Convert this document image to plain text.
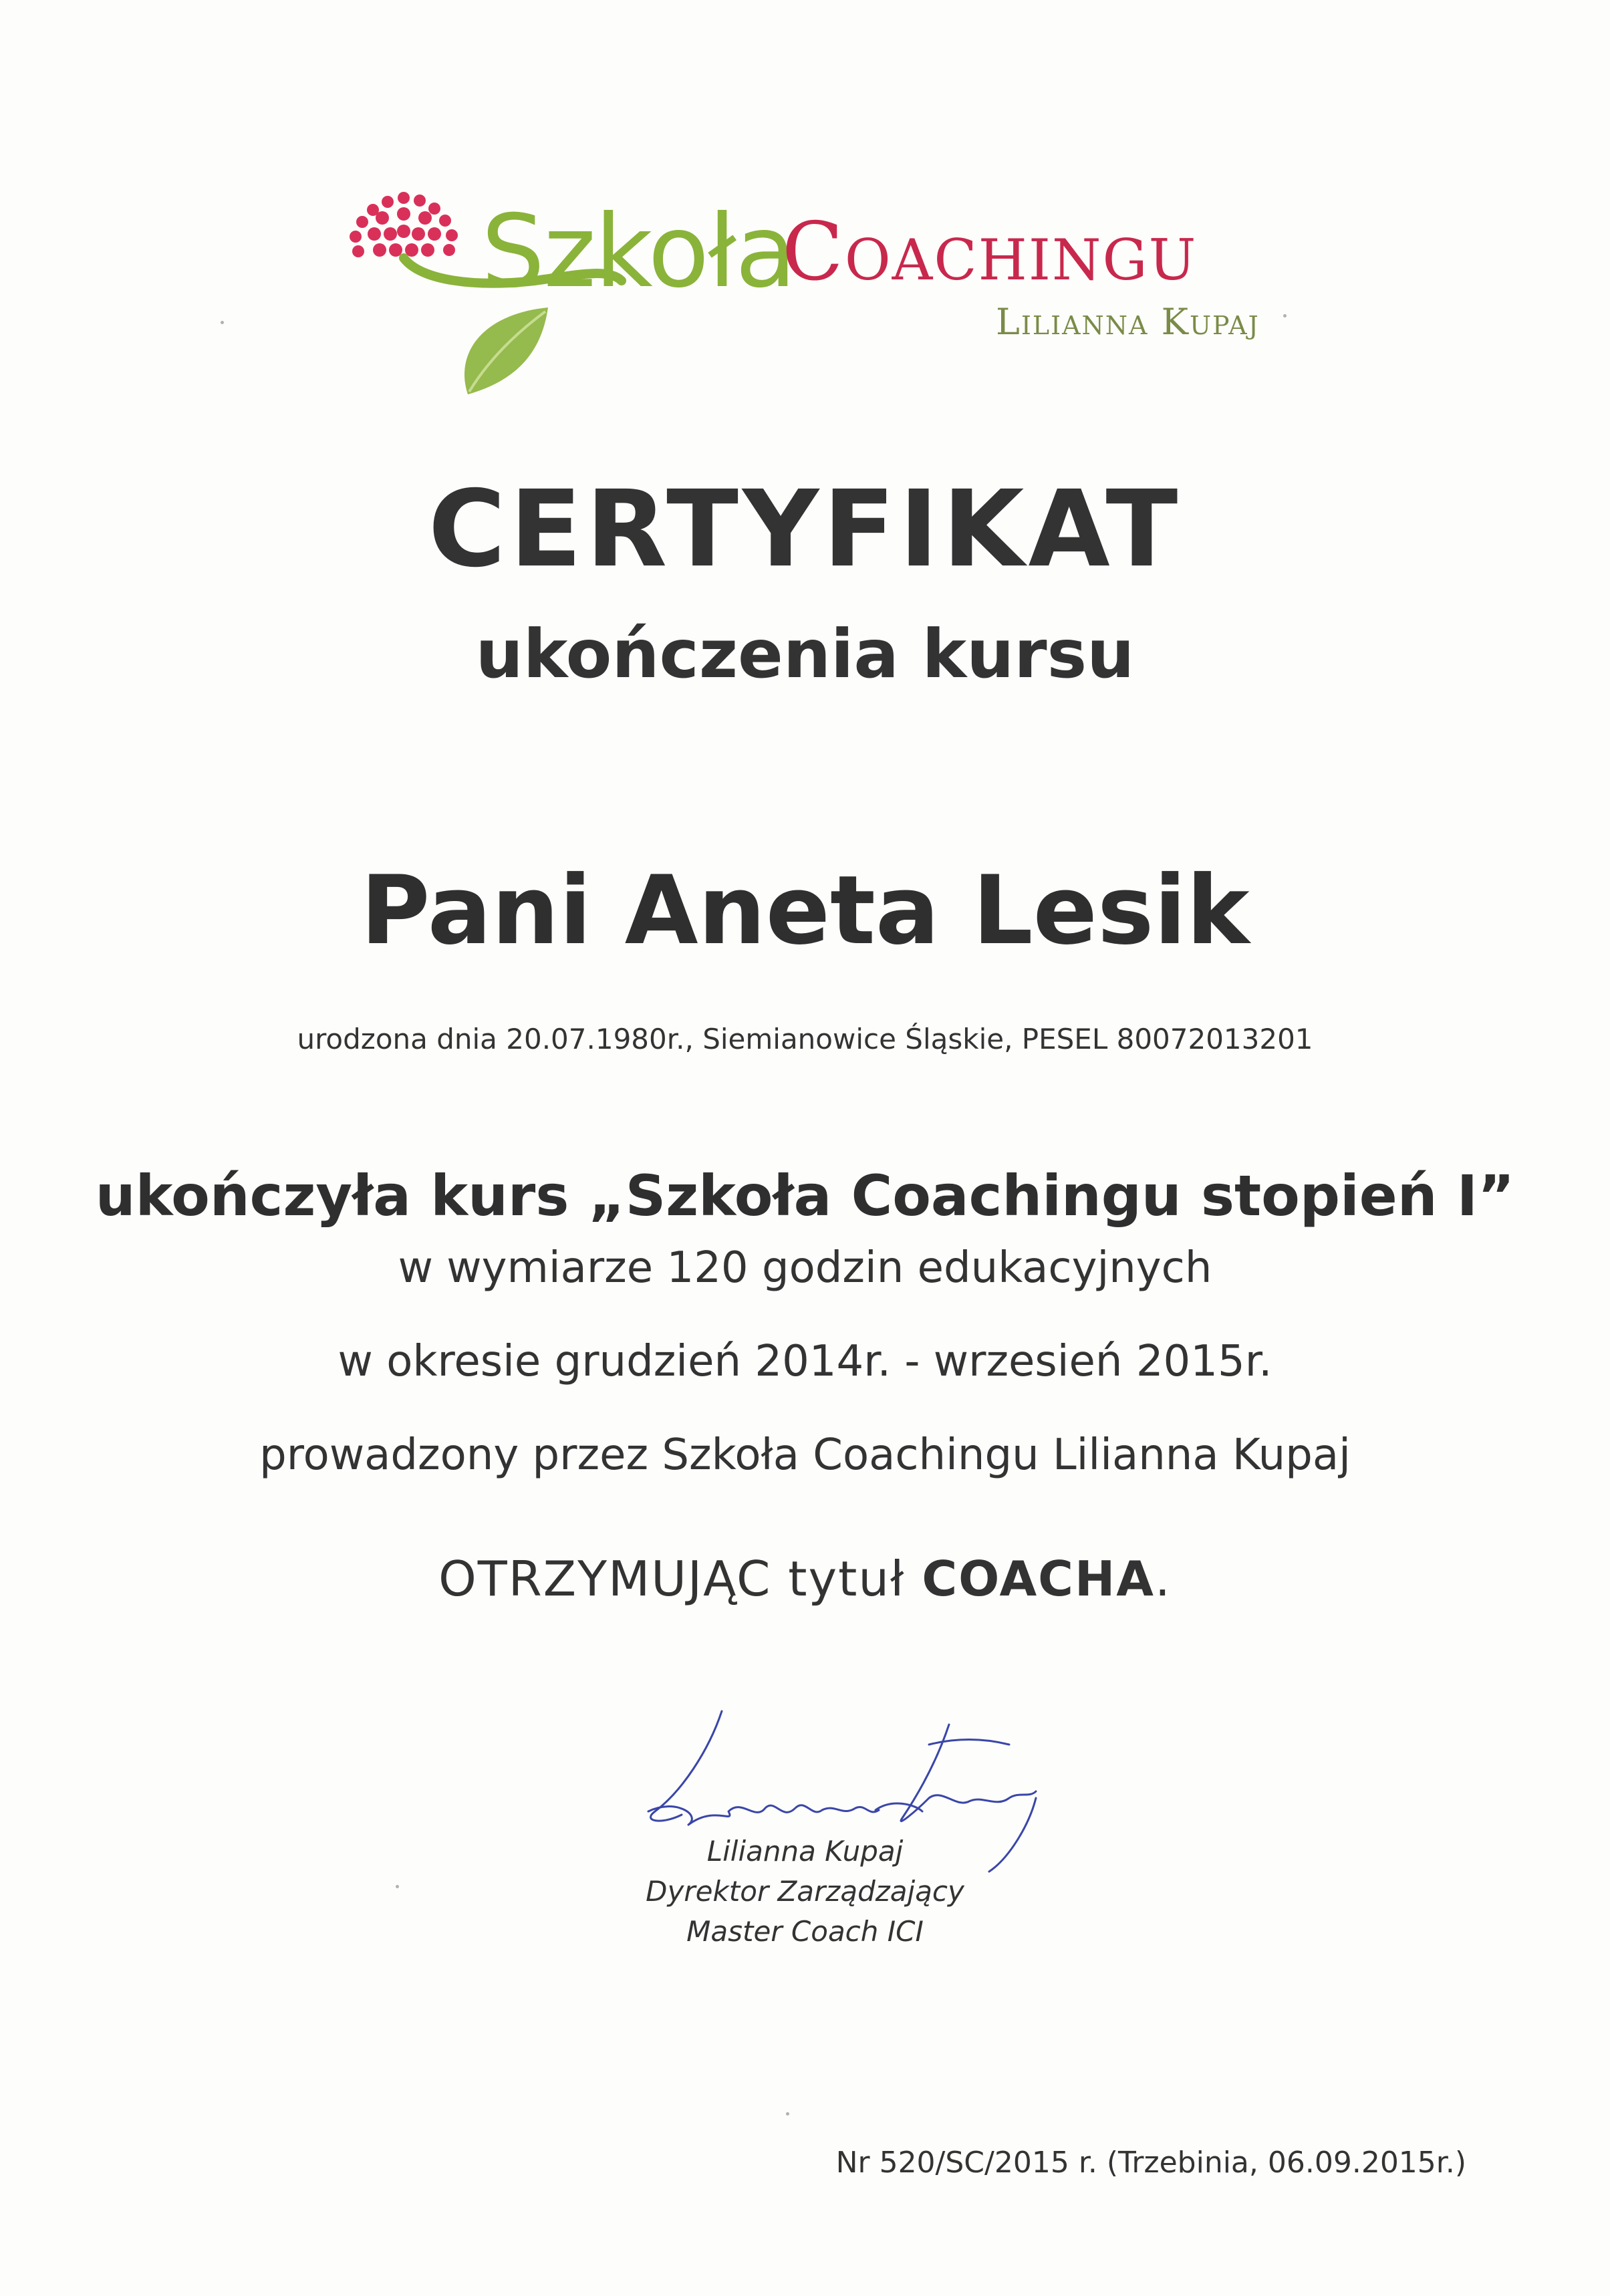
Szkoła
Coachingu
Lilianna Kupaj
CERTYFIKAT
ukończenia kursu
Pani Aneta Lesik
urodzona dnia 20.07.1980r., Siemianowice Śląskie, PESEL 80072013201
ukończyła kurs „Szkoła Coachingu stopień I”
w wymiarze 120 godzin edukacyjnych
w okresie grudzień 2014r. - wrzesień 2015r.
prowadzony przez Szkoła Coachingu Lilianna Kupaj
OTRZYMUJĄC tytuł COACHA.
Lilianna Kupaj
Dyrektor Zarządzający
Master Coach ICI
Nr 520/SC/2015 r. (Trzebinia, 06.09.2015r.)
